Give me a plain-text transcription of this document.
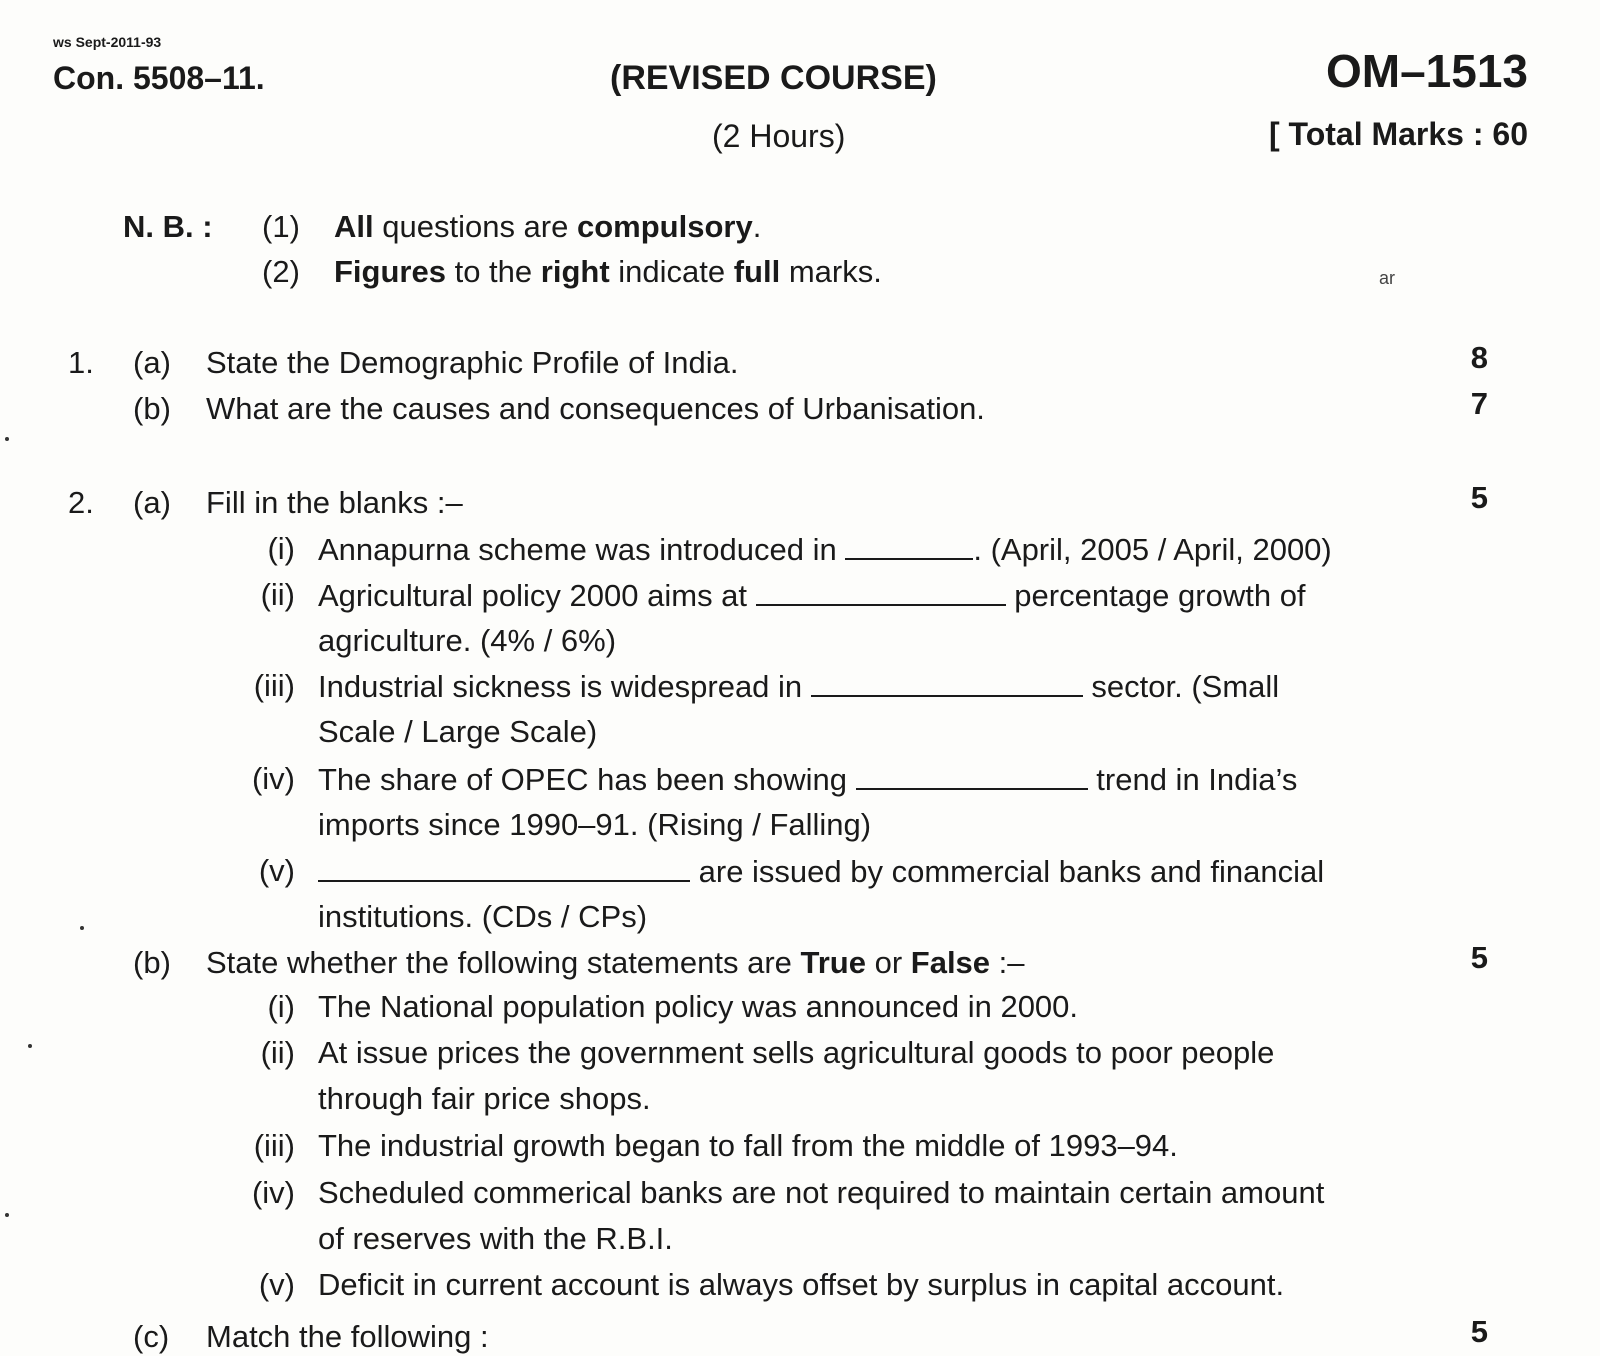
ws Sept-2011-93
Con. 5508–11.	(REVISED COURSE)	OM–1513
(2 Hours)	[ Total Marks : 60
N. B. : (1) All questions are compulsory.
(2) Figures to the right indicate full marks.	ar
1. (a) State the Demographic Profile of India.	8
(b) What are the causes and consequences of Urbanisation.	7
2. (a) Fill in the blanks :–	5
(i) Annapurna scheme was introduced in	. (April, 2005 / April, 2000)
(ii) Agricultural policy 2000 aims at	percentage growth of
agriculture. (4% / 6%)
(iii) Industrial sickness is widespread in	sector. (Small
Scale / Large Scale)
(iv) The share of OPEC has been showing	trend in India’s
imports since 1990–91. (Rising / Falling)
(v)	are issued by commercial banks and financial
institutions. (CDs / CPs)
(b) State whether the following statements are True or False :–	5
(i) The National population policy was announced in 2000.
(ii) At issue prices the government sells agricultural goods to poor people
through fair price shops.
(iii) The industrial growth began to fall from the middle of 1993–94.
(iv) Scheduled commerical banks are not required to maintain certain amount
of reserves with the R.B.I.
(v) Deficit in current account is always offset by surplus in capital account.
(c) Match the following :	5
